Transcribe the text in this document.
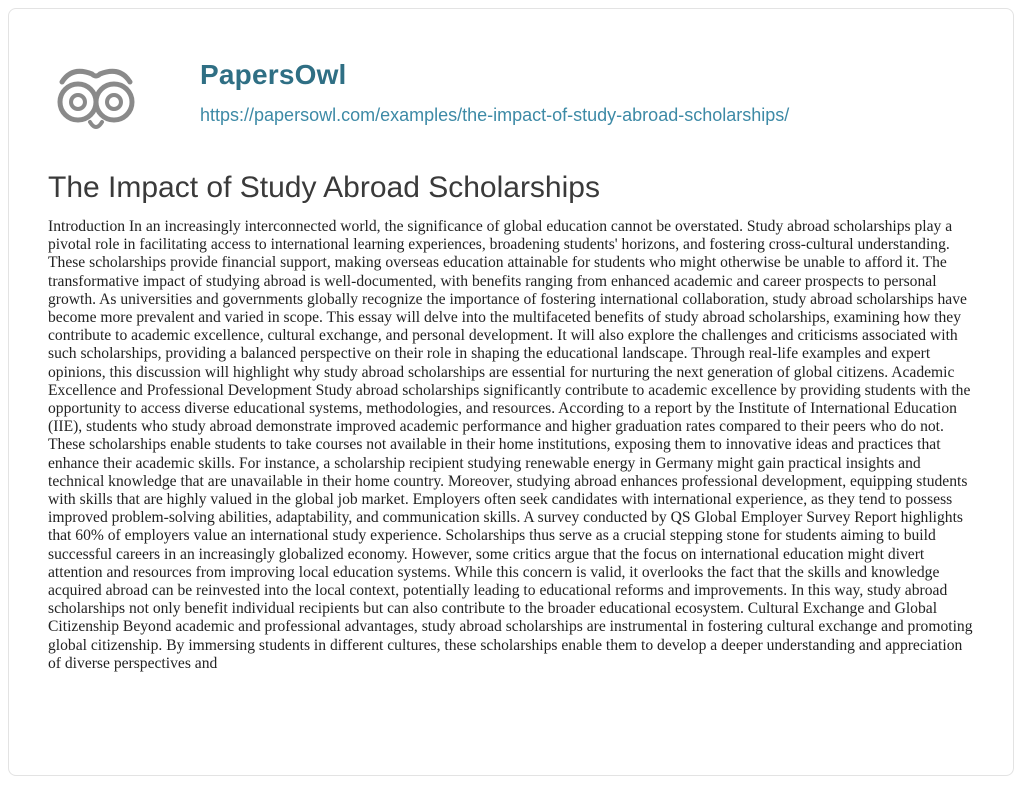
PapersOwl
https://papersowl.com/examples/the-impact-of-study-abroad-scholarships/
The Impact of Study Abroad Scholarships

Introduction In an increasingly interconnected world, the significance of global education cannot be overstated. Study abroad scholarships play a pivotal role in facilitating access to international learning experiences, broadening students' horizons, and fostering cross-cultural understanding. These scholarships provide financial support, making overseas education attainable for students who might otherwise be unable to afford it. The transformative impact of studying abroad is well-documented, with benefits ranging from enhanced academic and career prospects to personal growth. As universities and governments globally recognize the importance of fostering international collaboration, study abroad scholarships have become more prevalent and varied in scope. This essay will delve into the multifaceted benefits of study abroad scholarships, examining how they contribute to academic excellence, cultural exchange, and personal development. It will also explore the challenges and criticisms associated with such scholarships, providing a balanced perspective on their role in shaping the educational landscape. Through real-life examples and expert opinions, this discussion will highlight why study abroad scholarships are essential for nurturing the next generation of global citizens. Academic Excellence and Professional Development Study abroad scholarships significantly contribute to academic excellence by providing students with the opportunity to access diverse educational systems, methodologies, and resources. According to a report by the Institute of International Education (IIE), students who study abroad demonstrate improved academic performance and higher graduation rates compared to their peers who do not. These scholarships enable students to take courses not available in their home institutions, exposing them to innovative ideas and practices that enhance their academic skills. For instance, a scholarship recipient studying renewable energy in Germany might gain practical insights and technical knowledge that are unavailable in their home country. Moreover, studying abroad enhances professional development, equipping students with skills that are highly valued in the global job market. Employers often seek candidates with international experience, as they tend to possess improved problem-solving abilities, adaptability, and communication skills. A survey conducted by QS Global Employer Survey Report highlights that 60% of employers value an international study experience. Scholarships thus serve as a crucial stepping stone for students aiming to build successful careers in an increasingly globalized economy. However, some critics argue that the focus on international education might divert attention and resources from improving local education systems. While this concern is valid, it overlooks the fact that the skills and knowledge acquired abroad can be reinvested into the local context, potentially leading to educational reforms and improvements. In this way, study abroad scholarships not only benefit individual recipients but can also contribute to the broader educational ecosystem. Cultural Exchange and Global Citizenship Beyond academic and professional advantages, study abroad scholarships are instrumental in fostering cultural exchange and promoting global citizenship. By immersing students in different cultures, these scholarships enable them to develop a deeper understanding and appreciation of diverse perspectives and
